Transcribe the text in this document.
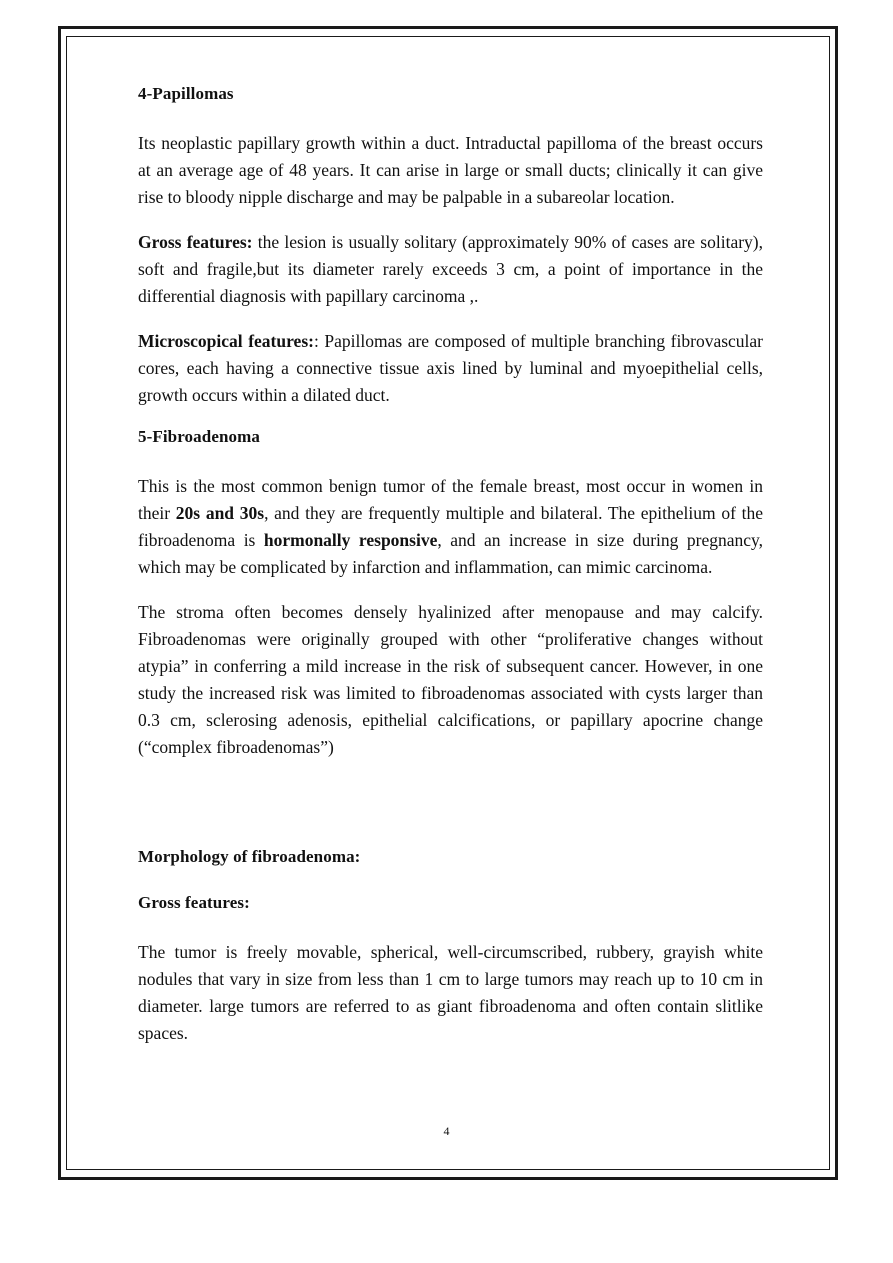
4-Papillomas

Its neoplastic papillary growth within a duct. Intraductal papilloma of the breast occurs at an average age of 48 years. It can arise in large or small ducts; clinically it can give rise to bloody nipple discharge and may be palpable in a subareolar location.

Gross features: the lesion is usually solitary (approximately 90% of cases are solitary), soft and fragile,but its diameter rarely exceeds 3 cm, a point of importance in the differential diagnosis with papillary carcinoma ,.

Microscopical features:: Papillomas are composed of multiple branching fibrovascular cores, each having a connective tissue axis lined by luminal and myoepithelial cells, growth occurs within a dilated duct.

5-Fibroadenoma

This is the most common benign tumor of the female breast, most occur in women in their 20s and 30s, and they are frequently multiple and bilateral. The epithelium of the fibroadenoma is hormonally responsive, and an increase in size during pregnancy, which may be complicated by infarction and inflammation, can mimic carcinoma.

The stroma often becomes densely hyalinized after menopause and may calcify. Fibroadenomas were originally grouped with other “proliferative changes without atypia” in conferring a mild increase in the risk of subsequent cancer. However, in one study the increased risk was limited to fibroadenomas associated with cysts larger than 0.3 cm, sclerosing adenosis, epithelial calcifications, or papillary apocrine change (“complex fibroadenomas”)

Morphology of fibroadenoma:
Gross features:

The tumor is freely movable, spherical, well-circumscribed, rubbery, grayish white nodules that vary in size from less than 1 cm to large tumors may reach up to 10 cm in diameter. large tumors are referred to as giant fibroadenoma and often contain slitlike spaces.

4
